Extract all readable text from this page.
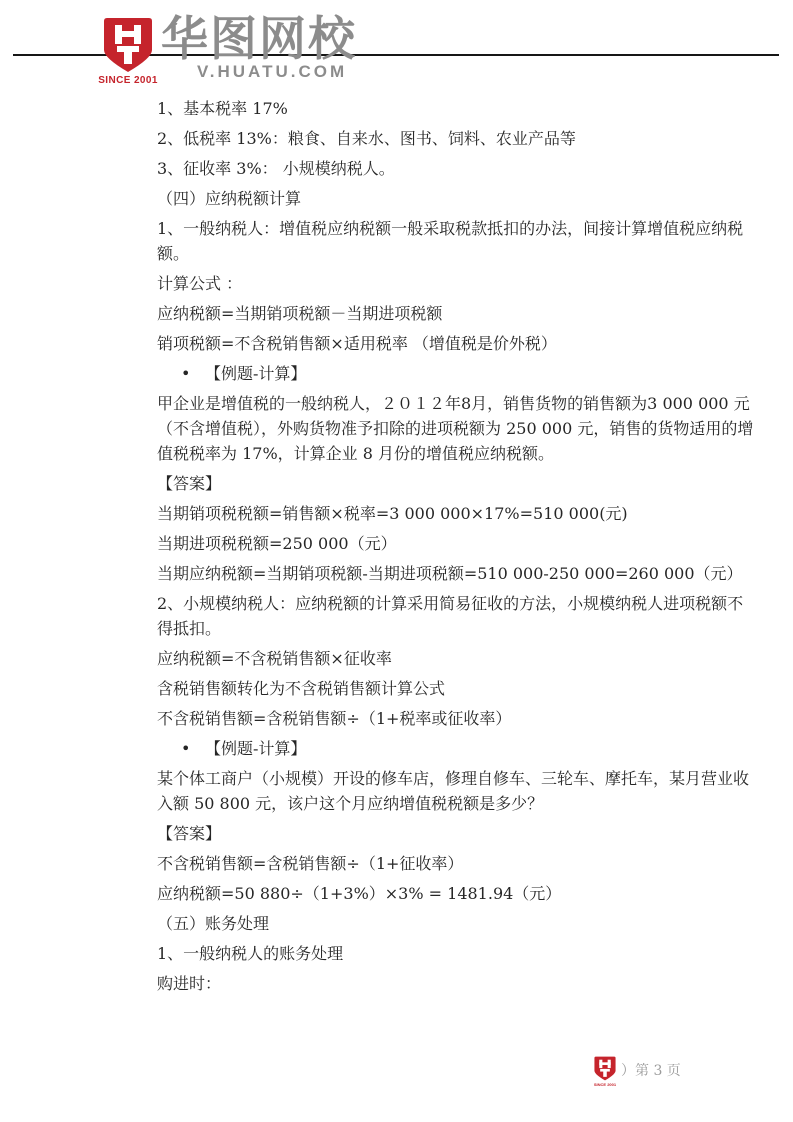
SINCE 2001
华图网校
V.HUATU.COM
1、基本税率 17%
2、低税率 13%：粮食、自来水、图书、饲料、农业产品等
3、征收率 3%： 小规模纳税人。
（四）应纳税额计算
1、一般纳税人：增值税应纳税额一般采取税款抵扣的办法，间接计算增值税应纳税
额。
计算公式 ：
应纳税额=当期销项税额－当期进项税额
销项税额=不含税销售额×适用税率 （增值税是价外税）
• 【例题-计算】
甲企业是增值税的一般纳税人，２０１２年8月，销售货物的销售额为3 000 000 元
（不含增值税），外购货物准予扣除的进项税额为 250 000 元，销售的货物适用的增
值税税率为 17%，计算企业 8 月份的增值税应纳税额。
【答案】
当期销项税税额=销售额×税率=3 000 000×17%=510 000(元)
当期进项税税额=250 000（元）
当期应纳税额=当期销项税额-当期进项税额=510 000-250 000=260 000（元）
2、小规模纳税人：应纳税额的计算采用简易征收的方法，小规模纳税人进项税额不
得抵扣。
应纳税额=不含税销售额×征收率
含税销售额转化为不含税销售额计算公式
不含税销售额=含税销售额÷（1+税率或征收率）
• 【例题-计算】
某个体工商户（小规模）开设的修车店，修理自修车、三轮车、摩托车，某月营业收
入额 50 800 元，该户这个月应纳增值税税额是多少？
【答案】
不含税销售额=含税销售额÷（1+征收率）
应纳税额=50 880÷（1+3%）×3% = 1481.94（元）
（五）账务处理
1、一般纳税人的账务处理
购进时：
SINCE 2001
）第 3 页
